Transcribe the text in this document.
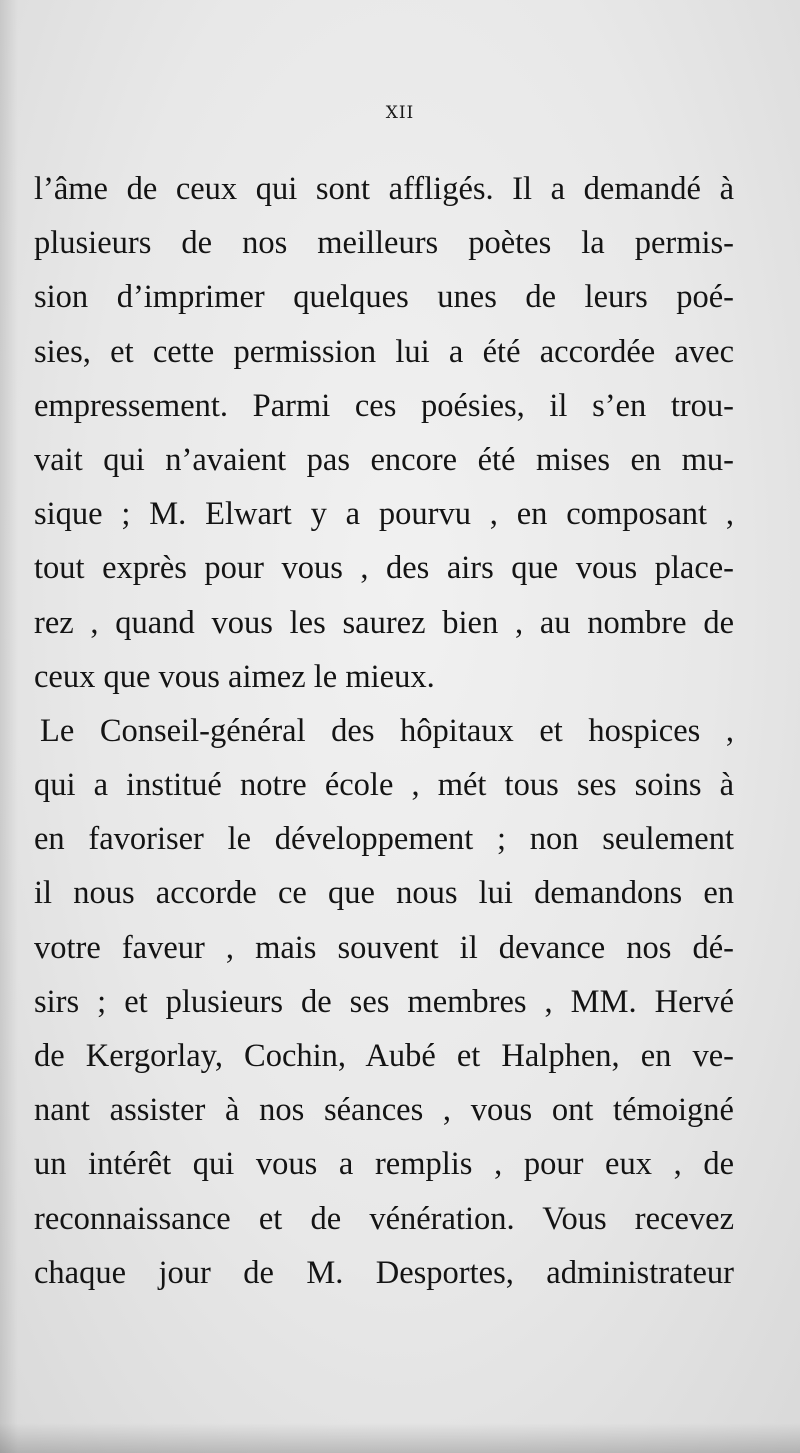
XII
l’âme de ceux qui sont affligés. Il a demandé à
plusieurs de nos meilleurs poètes la permis-
sion d’imprimer quelques unes de leurs poé-
sies, et cette permission lui a été accordée avec
empressement. Parmi ces poésies, il s’en trou-
vait qui n’avaient pas encore été mises en mu-
sique ; M. Elwart y a pourvu , en composant ,
tout exprès pour vous , des airs que vous place-
rez , quand vous les saurez bien , au nombre de
ceux que vous aimez le mieux.
Le Conseil-général des hôpitaux et hospices ,
qui a institué notre école , mét tous ses soins à
en favoriser le développement ; non seulement
il nous accorde ce que nous lui demandons en
votre faveur , mais souvent il devance nos dé-
sirs ; et plusieurs de ses membres , MM. Hervé
de Kergorlay, Cochin, Aubé et Halphen, en ve-
nant assister à nos séances , vous ont témoigné
un intérêt qui vous a remplis , pour eux , de
reconnaissance et de vénération. Vous recevez
chaque jour de M. Desportes, administrateur
